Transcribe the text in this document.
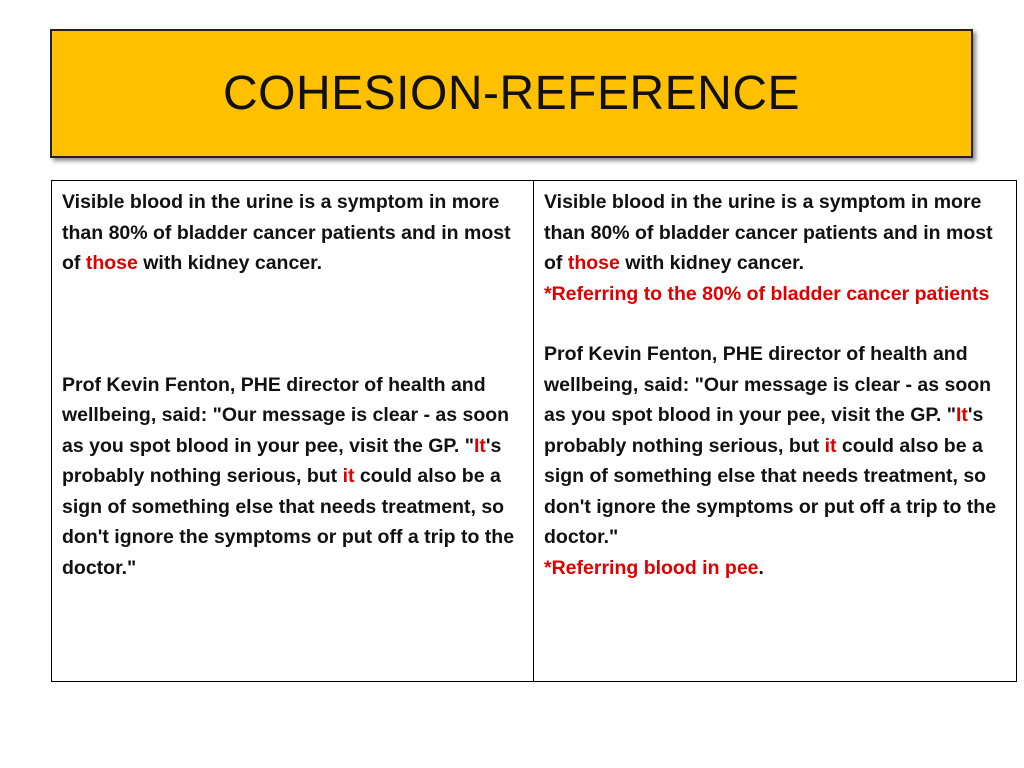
COHESION-REFERENCE

Visible blood in the urine is a symptom in more than 80% of bladder cancer patients and in most of those with kidney cancer.

Prof Kevin Fenton, PHE director of health and wellbeing, said: "Our message is clear - as soon as you spot blood in your pee, visit the GP. "It's probably nothing serious, but it could also be a sign of something else that needs treatment, so don't ignore the symptoms or put off a trip to the doctor."

Visible blood in the urine is a symptom in more than 80% of bladder cancer patients and in most of those with kidney cancer.

*Referring to the 80% of bladder cancer patients

Prof Kevin Fenton, PHE director of health and wellbeing, said: "Our message is clear - as soon as you spot blood in your pee, visit the GP. "It's probably nothing serious, but it could also be a sign of something else that needs treatment, so don't ignore the symptoms or put off a trip to the doctor."

*Referring blood in pee.
